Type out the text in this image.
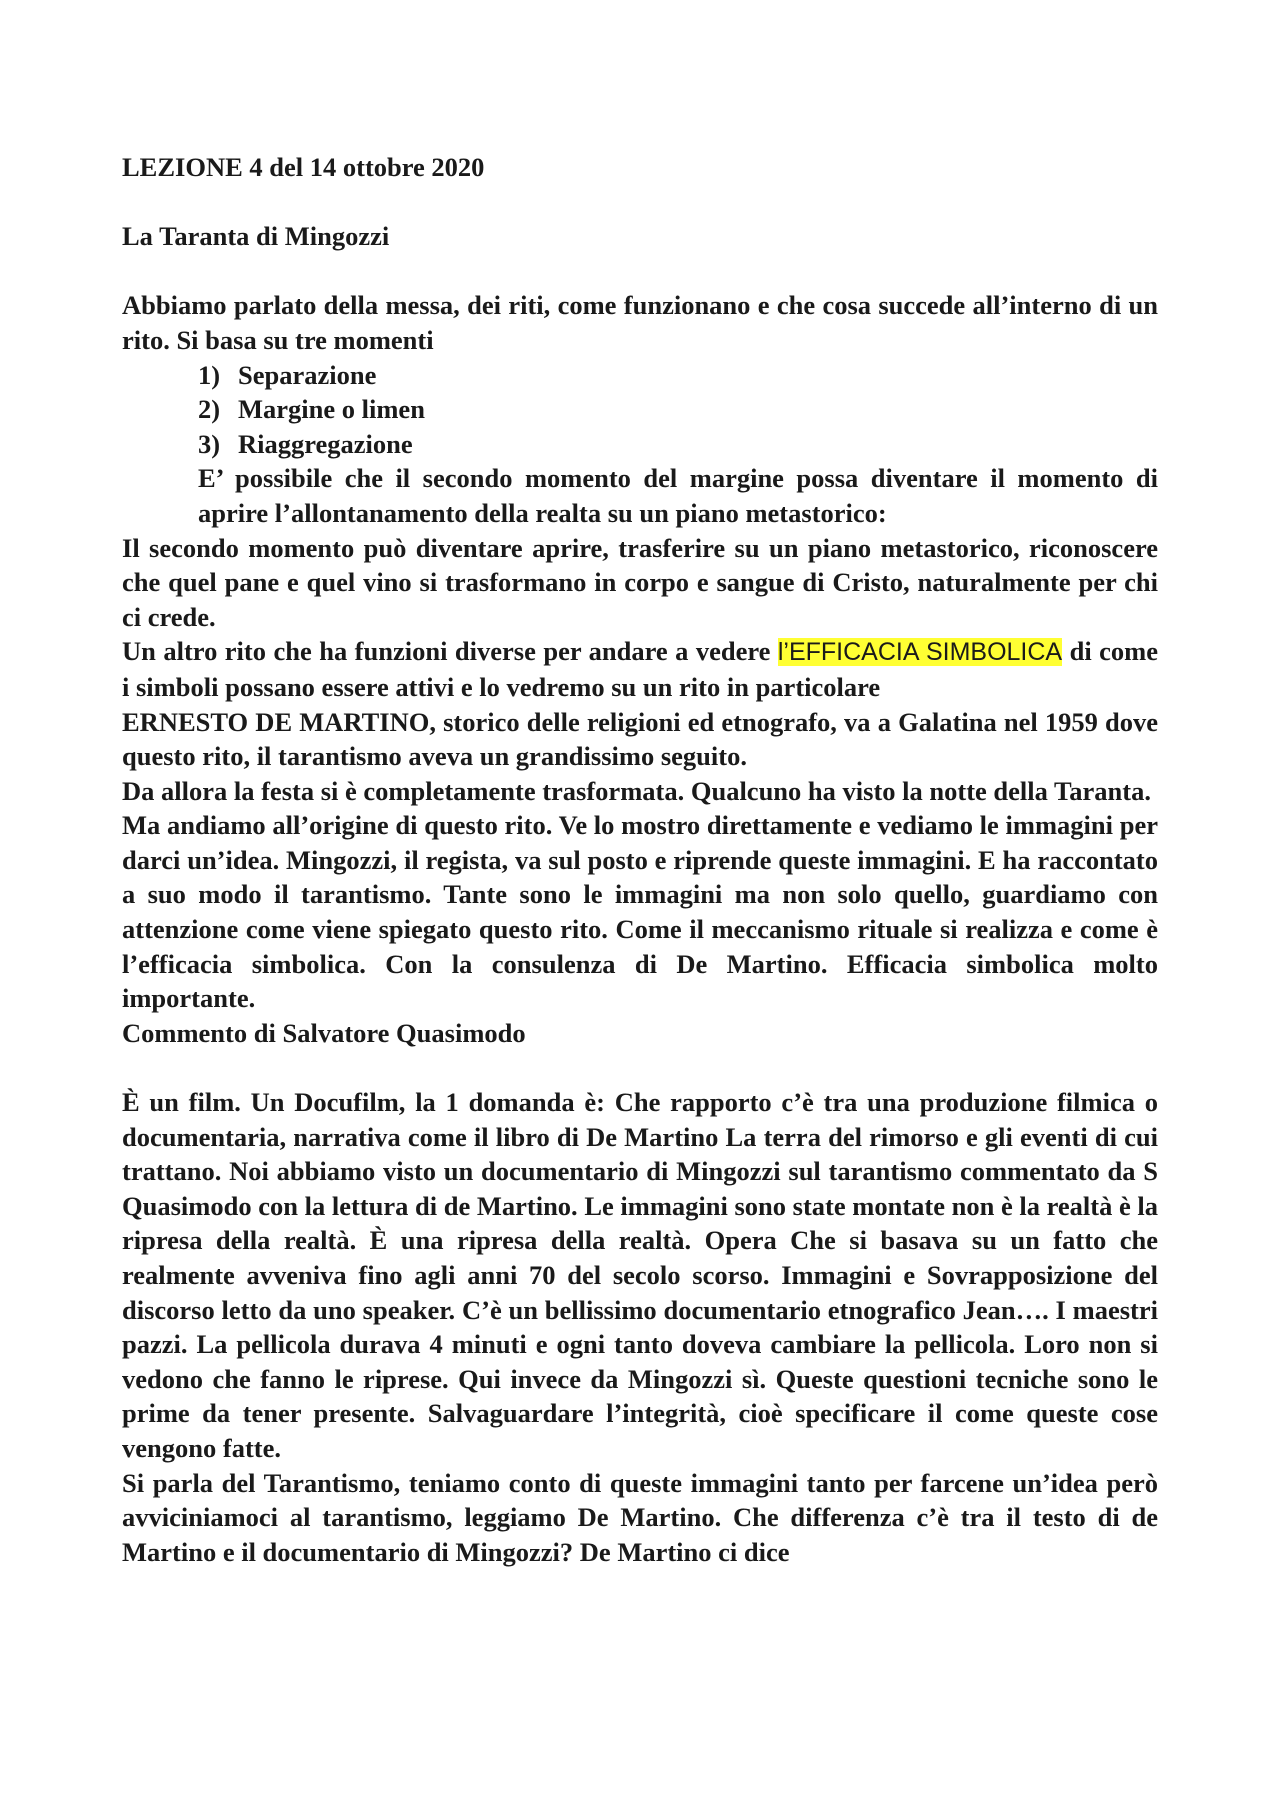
LEZIONE 4 del 14 ottobre 2020

La Taranta di Mingozzi

Abbiamo parlato della messa, dei riti, come funzionano e che cosa succede all’interno di un rito. Si basa su tre momenti

1) Separazione
2) Margine o limen
3) Riaggregazione

E’ possibile che il secondo momento del margine possa diventare il momento di aprire l’allontanamento della realta su un piano metastorico:

Il secondo momento può diventare aprire, trasferire su un piano metastorico, riconoscere che quel pane e quel vino si trasformano in corpo e sangue di Cristo, naturalmente per chi ci crede.

Un altro rito che ha funzioni diverse per andare a vedere l’EFFICACIA SIMBOLICA di come i simboli possano essere attivi e lo vedremo su un rito in particolare

ERNESTO DE MARTINO, storico delle religioni ed etnografo, va a Galatina nel 1959 dove questo rito, il tarantismo aveva un grandissimo seguito.

Da allora la festa si è completamente trasformata. Qualcuno ha visto la notte della Taranta.

Ma andiamo all’origine di questo rito. Ve lo mostro direttamente e vediamo le immagini per darci un’idea. Mingozzi, il regista, va sul posto e riprende queste immagini. E ha raccontato a suo modo il tarantismo. Tante sono le immagini ma non solo quello, guardiamo con attenzione come viene spiegato questo rito. Come il meccanismo rituale si realizza e come è l’efficacia simbolica. Con la consulenza di De Martino. Efficacia simbolica molto importante.

Commento di Salvatore Quasimodo

È un film. Un Docufilm, la 1 domanda è: Che rapporto c’è tra una produzione filmica o documentaria, narrativa come il libro di De Martino La terra del rimorso e gli eventi di cui trattano. Noi abbiamo visto un documentario di Mingozzi sul tarantismo commentato da S Quasimodo con la lettura di de Martino. Le immagini sono state montate non è la realtà è la ripresa della realtà. È una ripresa della realtà. Opera Che si basava su un fatto che realmente avveniva fino agli anni 70 del secolo scorso. Immagini e Sovrapposizione del discorso letto da uno speaker. C’è un bellissimo documentario etnografico Jean…. I maestri pazzi. La pellicola durava 4 minuti e ogni tanto doveva cambiare la pellicola. Loro non si vedono che fanno le riprese. Qui invece da Mingozzi sì. Queste questioni tecniche sono le prime da tener presente. Salvaguardare l’integrità, cioè specificare il come queste cose vengono fatte.

Si parla del Tarantismo, teniamo conto di queste immagini tanto per farcene un’idea però avviciniamoci al tarantismo, leggiamo De Martino. Che differenza c’è tra il testo di de Martino e il documentario di Mingozzi? De Martino ci dice
